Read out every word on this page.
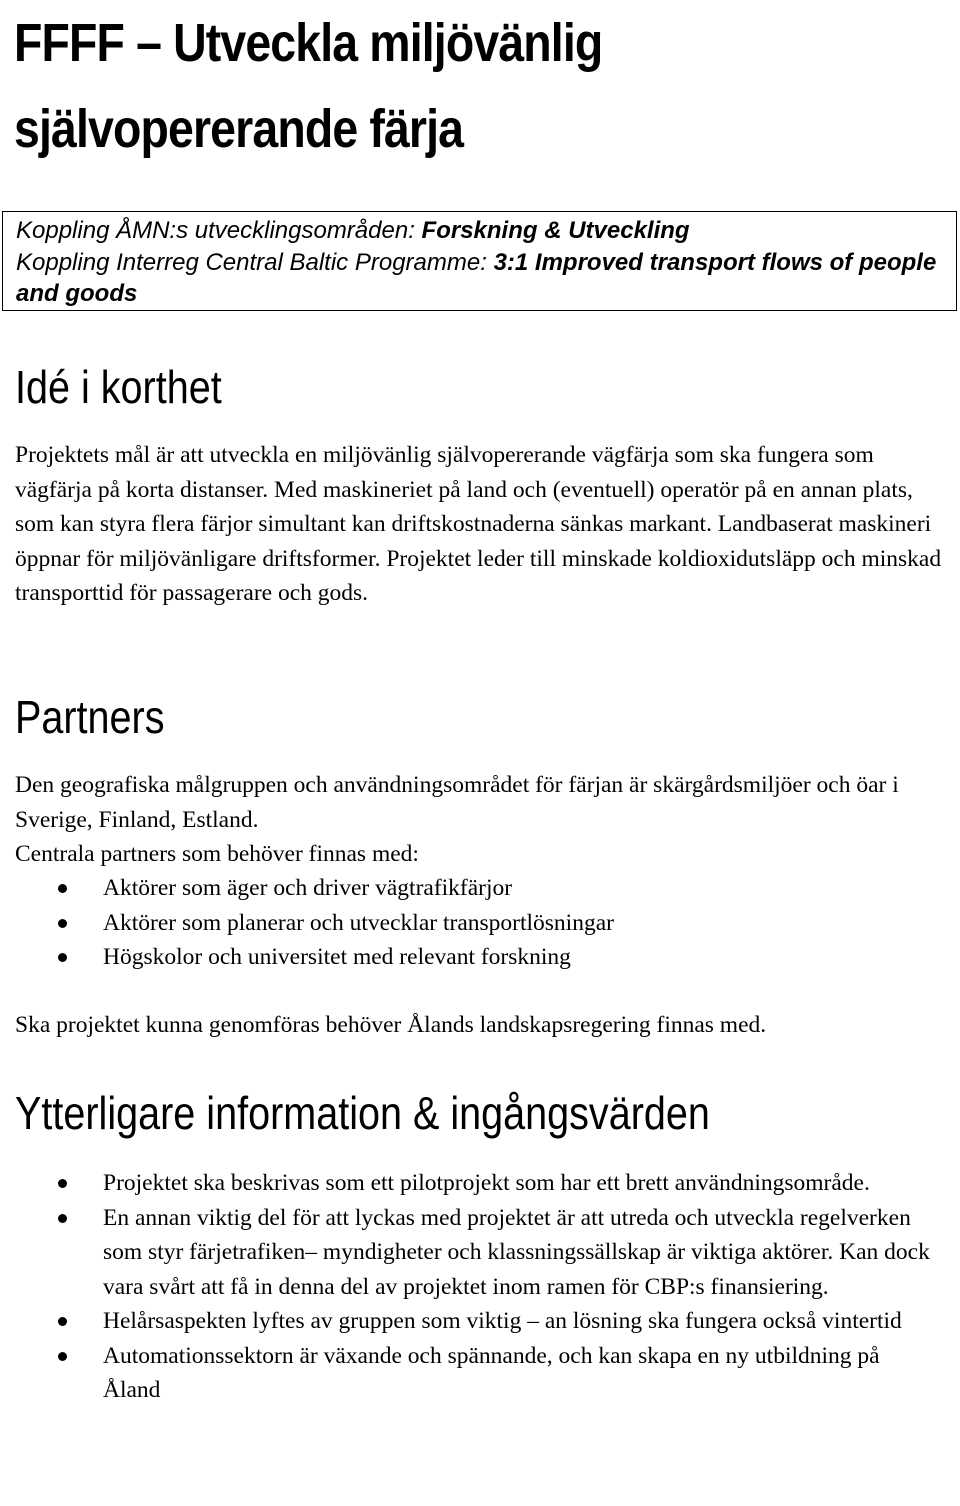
FFFF – Utveckla miljövänlig självopererande färja
Koppling ÅMN:s utvecklingsområden: Forskning & Utveckling
Koppling Interreg Central Baltic Programme: 3:1 Improved transport flows of people and goods
Idé i korthet

Projektets mål är att utveckla en miljövänlig självopererande vägfärja som ska fungera som vägfärja på korta distanser. Med maskineriet på land och (eventuell) operatör på en annan plats, som kan styra flera färjor simultant kan driftskostnaderna sänkas markant. Landbaserat maskineri öppnar för miljövänligare driftsformer. Projektet leder till minskade koldioxidutsläpp och minskad transporttid för passagerare och gods.

Partners

Den geografiska målgruppen och användningsområdet för färjan är skärgårdsmiljöer och öar i Sverige, Finland, Estland.

Centrala partners som behöver finnas med:

Aktörer som äger och driver vägtrafikfärjor
Aktörer som planerar och utvecklar transportlösningar
Högskolor och universitet med relevant forskning

Ska projektet kunna genomföras behöver Ålands landskapsregering finnas med.

Ytterligare information & ingångsvärden
Projektet ska beskrivas som ett pilotprojekt som har ett brett användningsområde.
En annan viktig del för att lyckas med projektet är att utreda och utveckla regelverken som styr färjetrafiken– myndigheter och klassningssällskap är viktiga aktörer. Kan dock vara svårt att få in denna del av projektet inom ramen för CBP:s finansiering.
Helårsaspekten lyftes av gruppen som viktig – an lösning ska fungera också vintertid
Automationssektorn är växande och spännande, och kan skapa en ny utbildning på Åland
